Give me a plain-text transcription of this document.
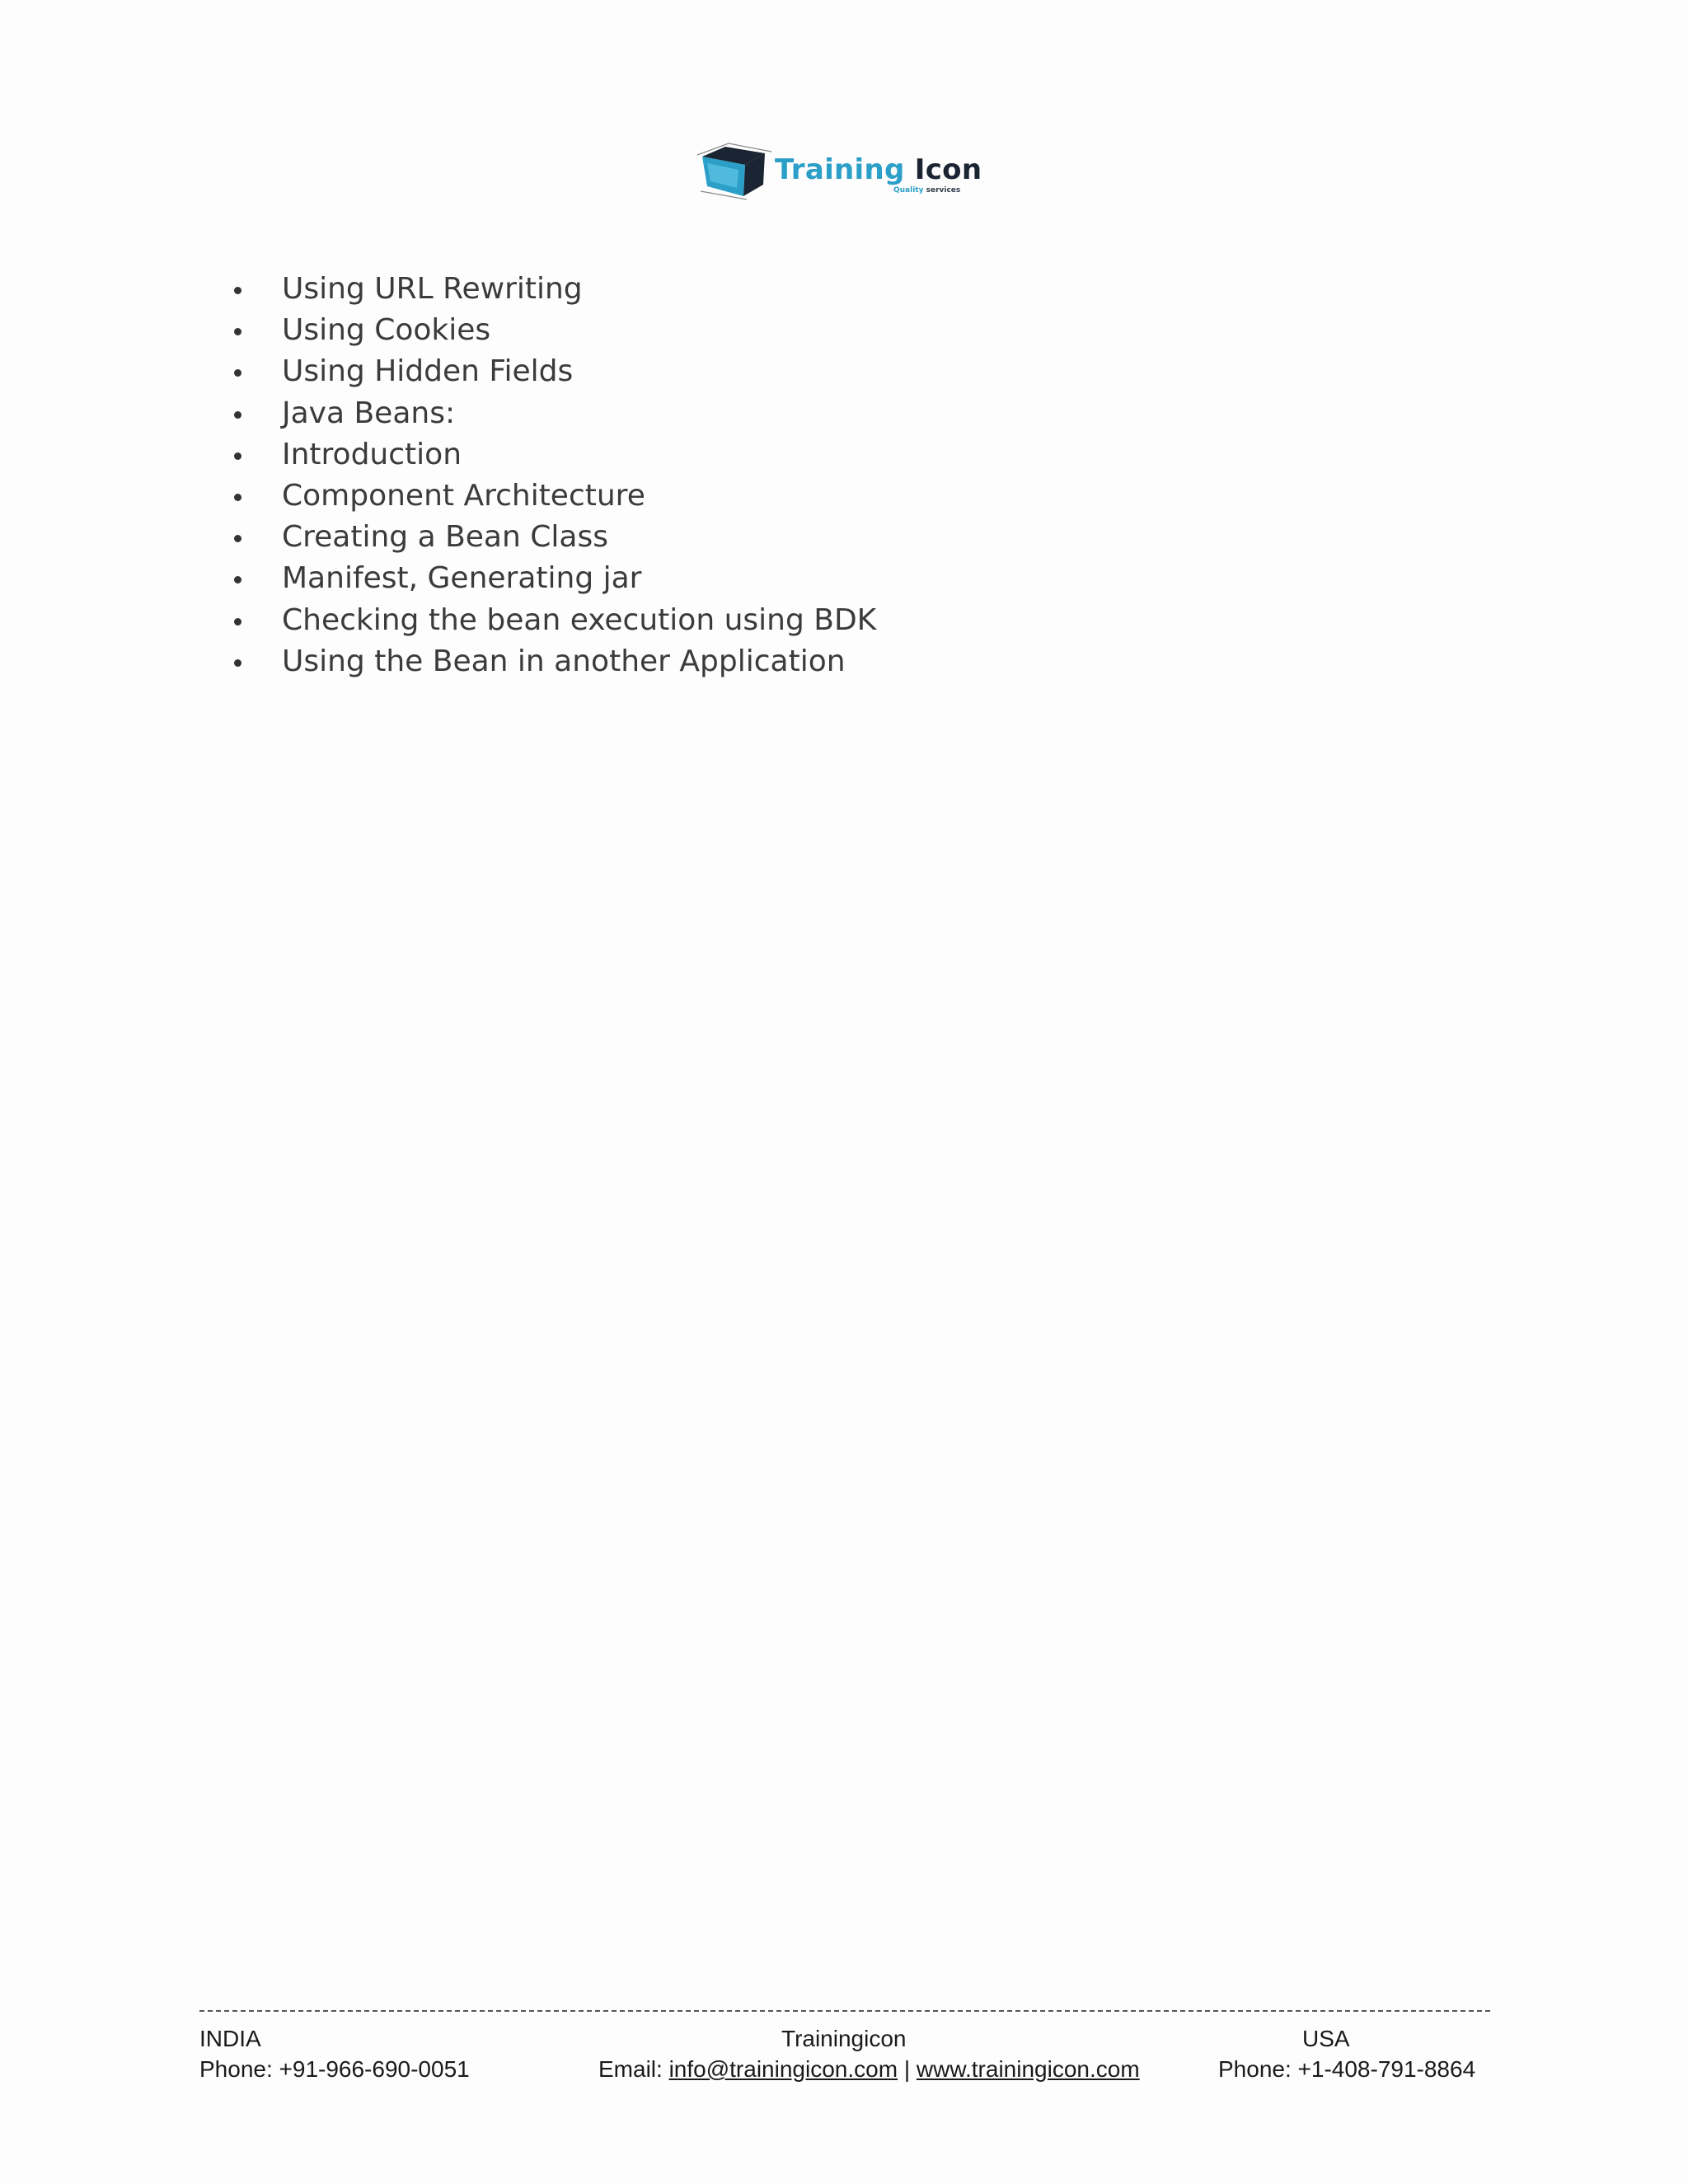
Training Icon
Quality services
Using URL Rewriting
Using Cookies
Using Hidden Fields
Java Beans:
Introduction
Component Architecture
Creating a Bean Class
Manifest, Generating jar
Checking the bean execution using BDK
Using the Bean in another Application
INDIA
Phone: +91-966-690-0051
Trainingicon
Email: info@trainingicon.com | www.trainingicon.com
USA
Phone: +1-408-791-8864
